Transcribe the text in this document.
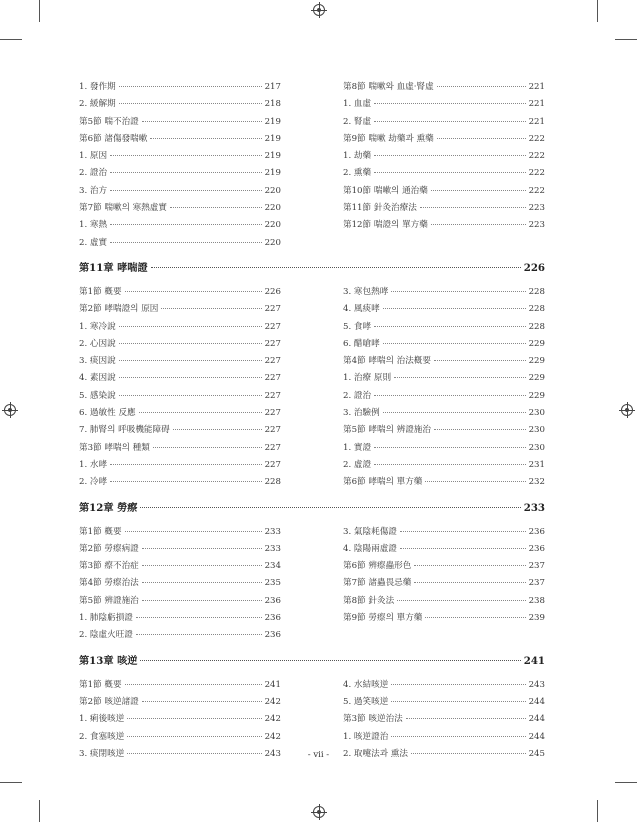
1. 發作期	217
2. 緩解期	218
第5節 喘不治證	219
第6節 諸傷發喘嗽	219
1. 原因	219
2. 證治	219
3. 治方	220
第7節 喘嗽의 寒熱虛實	220
1. 寒熱	220
2. 虛實	220
第8節 喘嗽와 血虛·腎虛	221
1. 血虛	221
2. 腎虛	221
第9節 喘嗽 劫藥과 熏藥	222
1. 劫藥	222
2. 熏藥	222
第10節 喘嗽의 通治藥	222
第11節 針灸治療法	223
第12節 喘證의 單方藥	223
第11章 哮喘證	226
第1節 槪要	226
第2節 哮喘證의 原因	227
1. 寒冷說	227
2. 心因說	227
3. 痰因說	227
4. 素因說	227
5. 感染說	227
6. 過敏性 反應	227
7. 肺腎의 呼吸機能障碍	227
第3節 哮喘의 種類	227
1. 水哮	227
2. 冷哮	228
3. 寒包熱哮	228
4. 風痰哮	228
5. 食哮	228
6. 醋嗆哮	229
第4節 哮喘의 治法槪要	229
1. 治療 原則	229
2. 證治	229
3. 治驗例	230
第5節 哮喘의 辨證施治	230
1. 實證	230
2. 虛證	231
第6節 哮喘의 單方藥	232
第12章 勞瘵	233
第1節 槪要	233
第2節 勞瘵病證	233
第3節 瘵不治症	234
第4節 勞瘵治法	235
第5節 辨證施治	236
1. 肺陰虧損證	236
2. 陰虛火旺證	236
3. 氣陰耗傷證	236
4. 陰陽兩虛證	236
第6節 辨瘵蟲形色	237
第7節 諸蟲畏忌藥	237
第8節 針灸法	238
第9節 勞瘵의 單方藥	239
第13章 咳逆	241
第1節 槪要	241
第2節 咳逆諸證	242
1. 痢後咳逆	242
2. 食塞咳逆	242
3. 痰閉咳逆	243
4. 水結咳逆	243
5. 過笑咳逆	244
第3節 咳逆治法	244
1. 咳逆證治	244
2. 取嚏法과 熏法	245
- vii -
